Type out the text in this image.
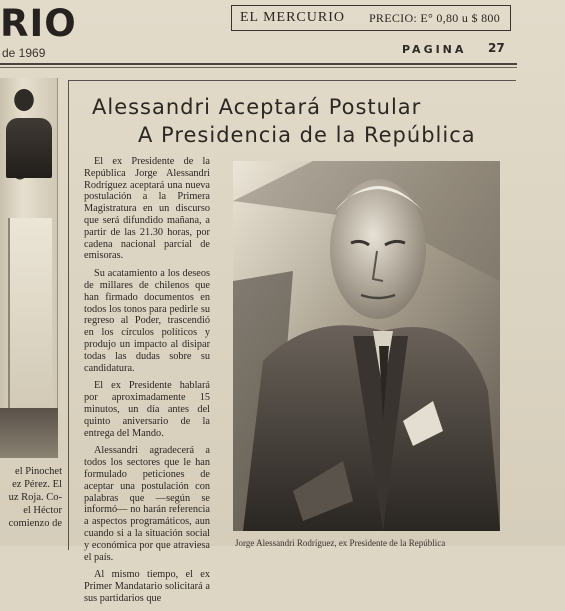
RIO
de 1969
EL MERCURIO PRECIO: E° 0,80 u $ 800
PAGINA 27
el Pinochet
ez Pérez. El
uz Roja. Co-
el Héctor
comienzo de
Alessandri Aceptará Postular
A Presidencia de la República

El ex Presidente de la República Jorge Alessandri Rodríguez aceptará una nueva postulación a la Primera Magistratura en un discurso que será difundido mañana, a partir de las 21.30 horas, por cadena nacional parcial de emisoras.

Su acatamiento a los deseos de millares de chilenos que han firmado documentos en todos los tonos para pedirle su regreso al Poder, trascendió en los círculos políticos y produjo un impacto al disipar todas las dudas sobre su candidatura.

El ex Presidente hablará por aproximadamente 15 minutos, un día antes del quinto aniversario de la entrega del Mando.

Alessandri agradecerá a todos los sectores que le han formulado peticiones de aceptar una postulación con palabras que —según se informó— no harán referencia a aspectos programáticos, aun cuando si a la situación social y económica por que atraviesa el país.

Al mismo tiempo, el ex Primer Mandatario solicitará a sus partidarios que

Jorge Alessandri Rodríguez, ex Presidente de la República
